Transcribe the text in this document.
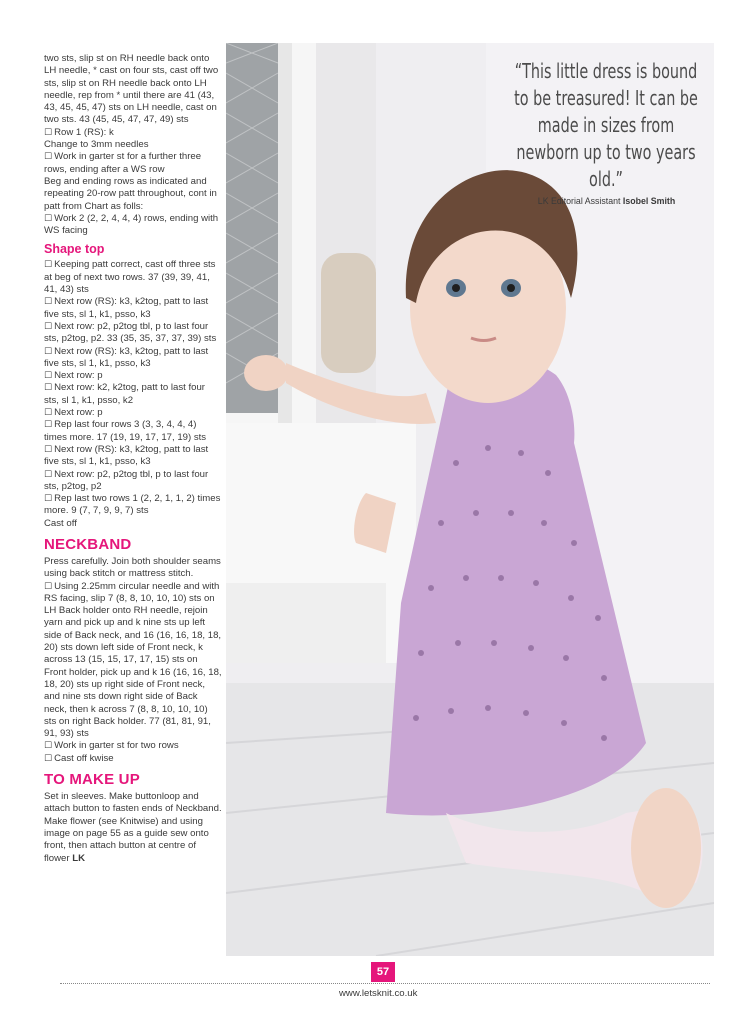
two sts, slip st on RH needle back onto LH needle, * cast on four sts, cast off two sts, slip st on RH needle back onto LH needle, rep from * until there are 41 (43, 43, 45, 45, 47) sts on LH needle, cast on two sts. 43 (45, 45, 47, 47, 49) sts

☐ Row 1 (RS): k

Change to 3mm needles

☐ Work in garter st for a further three rows, ending after a WS row

Beg and ending rows as indicated and repeating 20-row patt throughout, cont in patt from Chart as folls:

☐ Work 2 (2, 2, 4, 4, 4) rows, ending with WS facing

Shape top

☐ Keeping patt correct, cast off three sts at beg of next two rows. 37 (39, 39, 41, 41, 43) sts

☐ Next row (RS): k3, k2tog, patt to last five sts, sl 1, k1, psso, k3

☐ Next row: p2, p2tog tbl, p to last four sts, p2tog, p2. 33 (35, 35, 37, 37, 39) sts

☐ Next row (RS): k3, k2tog, patt to last five sts, sl 1, k1, psso, k3

☐ Next row: p

☐ Next row: k2, k2tog, patt to last four sts, sl 1, k1, psso, k2

☐ Next row: p

☐ Rep last four rows 3 (3, 3, 4, 4, 4) times more. 17 (19, 19, 17, 17, 19) sts

☐ Next row (RS): k3, k2tog, patt to last five sts, sl 1, k1, psso, k3

☐ Next row: p2, p2tog tbl, p to last four sts, p2tog, p2

☐ Rep last two rows 1 (2, 2, 1, 1, 2) times more. 9 (7, 7, 9, 9, 7) sts

Cast off

NECKBAND

Press carefully. Join both shoulder seams using back stitch or mattress stitch.

☐ Using 2.25mm circular needle and with RS facing, slip 7 (8, 8, 10, 10, 10) sts on LH Back holder onto RH needle, rejoin yarn and pick up and k nine sts up left side of Back neck, and 16 (16, 16, 18, 18, 20) sts down left side of Front neck, k across 13 (15, 15, 17, 17, 15) sts on Front holder, pick up and k 16 (16, 16, 18, 18, 20) sts up right side of Front neck, and nine sts down right side of Back neck, then k across 7 (8, 8, 10, 10, 10) sts on right Back holder. 77 (81, 81, 91, 91, 93) sts

☐ Work in garter st for two rows

☐ Cast off kwise

TO MAKE UP

Set in sleeves. Make buttonloop and attach button to fasten ends of Neckband. Make flower (see Knitwise) and using image on page 55 as a guide sew onto front, then attach button at centre of flower LK

“This little dress is bound to be treasured! It can be made in sizes from newborn up to two years old.”
LK Editorial Assistant Isobel Smith
57
www.letsknit.co.uk
